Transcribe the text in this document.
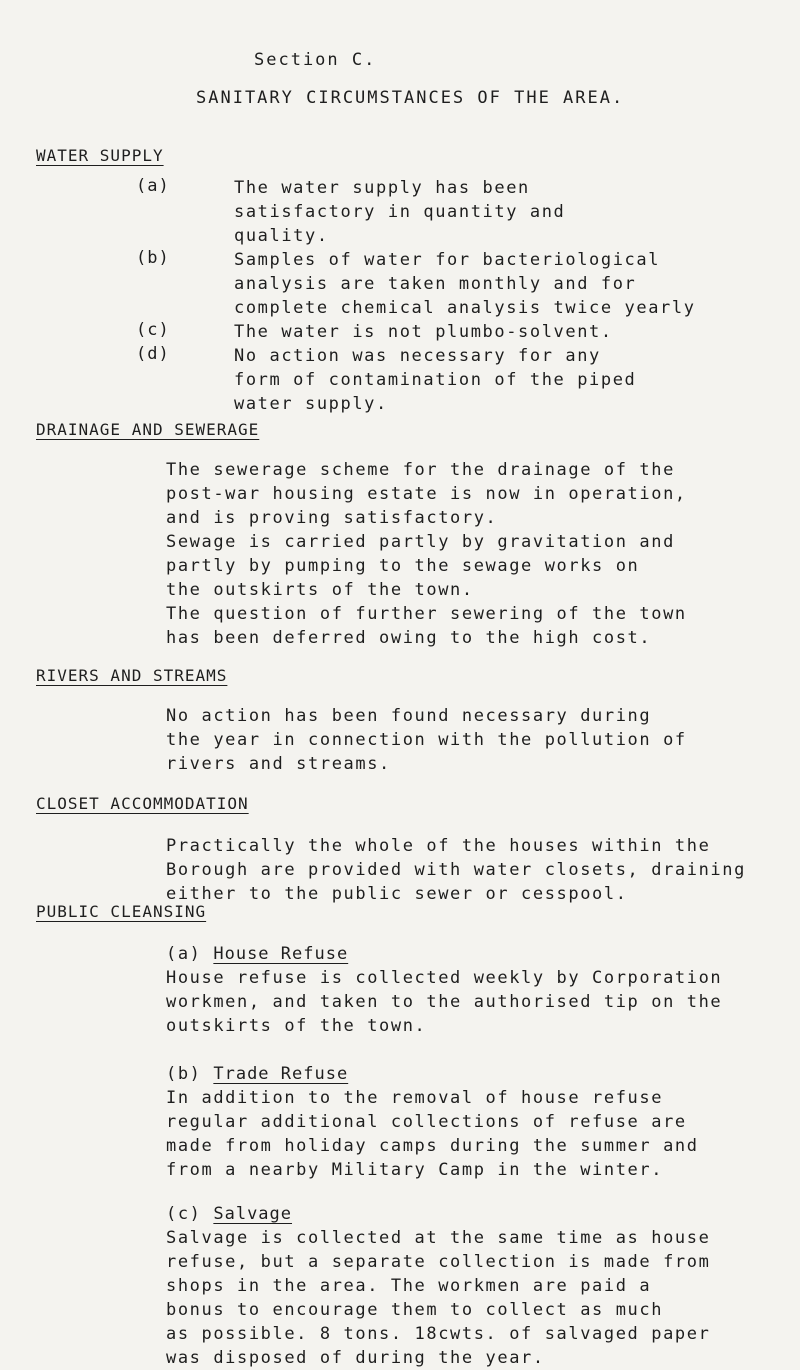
Section C.
SANITARY CIRCUMSTANCES OF THE AREA.
WATER SUPPLY
(a)	The water supply has been
satisfactory in quantity and
quality.
(b)	Samples of water for bacteriological
analysis are taken monthly and for
complete chemical analysis twice yearly
(c)	The water is not plumbo-solvent.
(d)	No action was necessary for any
form of contamination of the piped
water supply.
DRAINAGE AND SEWERAGE
The sewerage scheme for the drainage of the
post-war housing estate is now in operation,
and is proving satisfactory.
Sewage is carried partly by gravitation and
partly by pumping to the sewage works on
the outskirts of the town.
The question of further sewering of the town
has been deferred owing to the high cost.
RIVERS AND STREAMS
No action has been found necessary during
the year in connection with the pollution of
rivers and streams.
CLOSET ACCOMMODATION
Practically the whole of the houses within the
Borough are provided with water closets, draining
either to the public sewer or cesspool.
PUBLIC CLEANSING
(a) House Refuse
House refuse is collected weekly by Corporation
workmen, and taken to the authorised tip on the
outskirts of the town.
(b) Trade Refuse
In addition to the removal of house refuse
regular additional collections of refuse are
made from holiday camps during the summer and
from a nearby Military Camp in the winter.
(c) Salvage
Salvage is collected at the same time as house
refuse, but a separate collection is made from
shops in the area. The workmen are paid a
bonus to encourage them to collect as much
as possible. 8 tons. 18cwts. of salvaged paper
was disposed of during the year.
